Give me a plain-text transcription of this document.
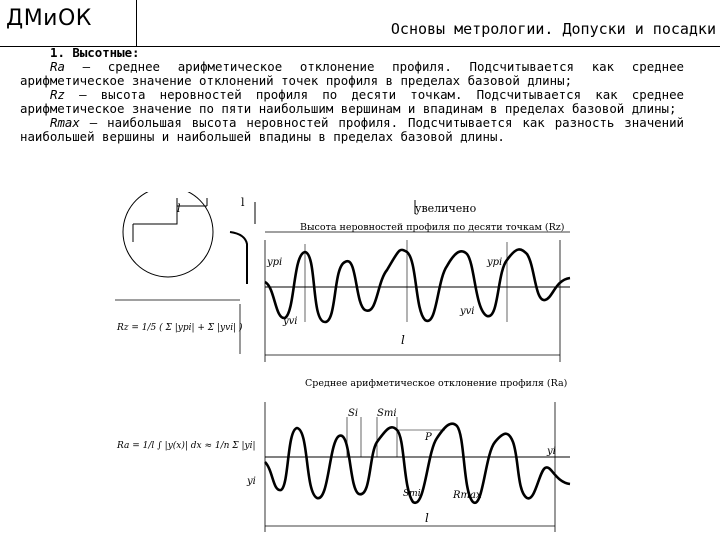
ДМиОК	Основы метрологии. Допуски и посадки

1. Высотные:

Ra – среднее арифметическое отклонение профиля. Подсчитывается как среднее арифметическое значение отклонений точек профиля в пределах базовой длины;

Rz – высота неровностей профиля по десяти точкам. Подсчитывается как среднее арифметическое значение по пяти наибольшим вершинам и впадинам в пределах базовой длины;

Rmax – наибольшая высота неровностей профиля. Подсчитывается как разность значений наибольшей вершины и наибольшей впадины в пределах базовой длины.

l	l	увеличено
Высота неровностей профиля по десяти точкам (Rz)
ypi	ypi
yvi
yvi
l
Rz = 1/5 ( Σ |ypi| + Σ |yvi| )
Среднее арифметическое отклонение профиля (Ra)
Si Smi
P
Smi	Rmax
yi
yi
l
Ra = 1/l ∫ |y(x)| dx ≈ 1/n Σ |yi|
